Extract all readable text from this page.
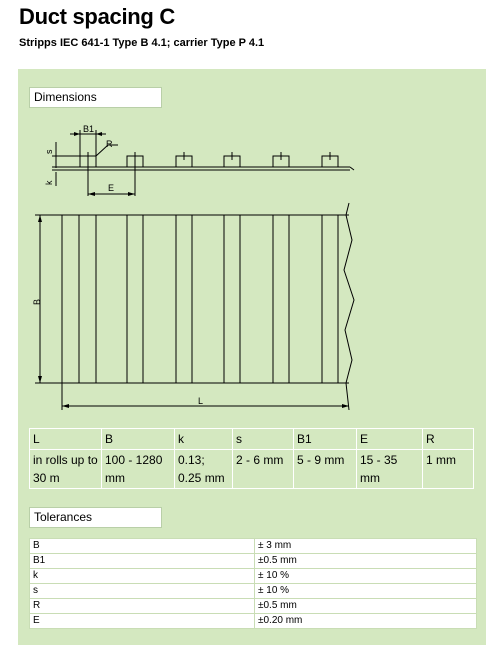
Duct spacing C
Stripps IEC 641-1 Type B 4.1; carrier Type P 4.1
Dimensions
B1
R
s
k
E
B
L
L	B	k	s	B1	E	R
in rolls up to 30 m	100 - 1280 mm	0.13; 0.25 mm	2 - 6 mm	5 - 9 mm	15 - 35 mm	1 mm
Tolerances
B	± 3 mm
B1	±0.5 mm
k	± 10 %
s	± 10 %
R	±0.5 mm
E	±0.20 mm
